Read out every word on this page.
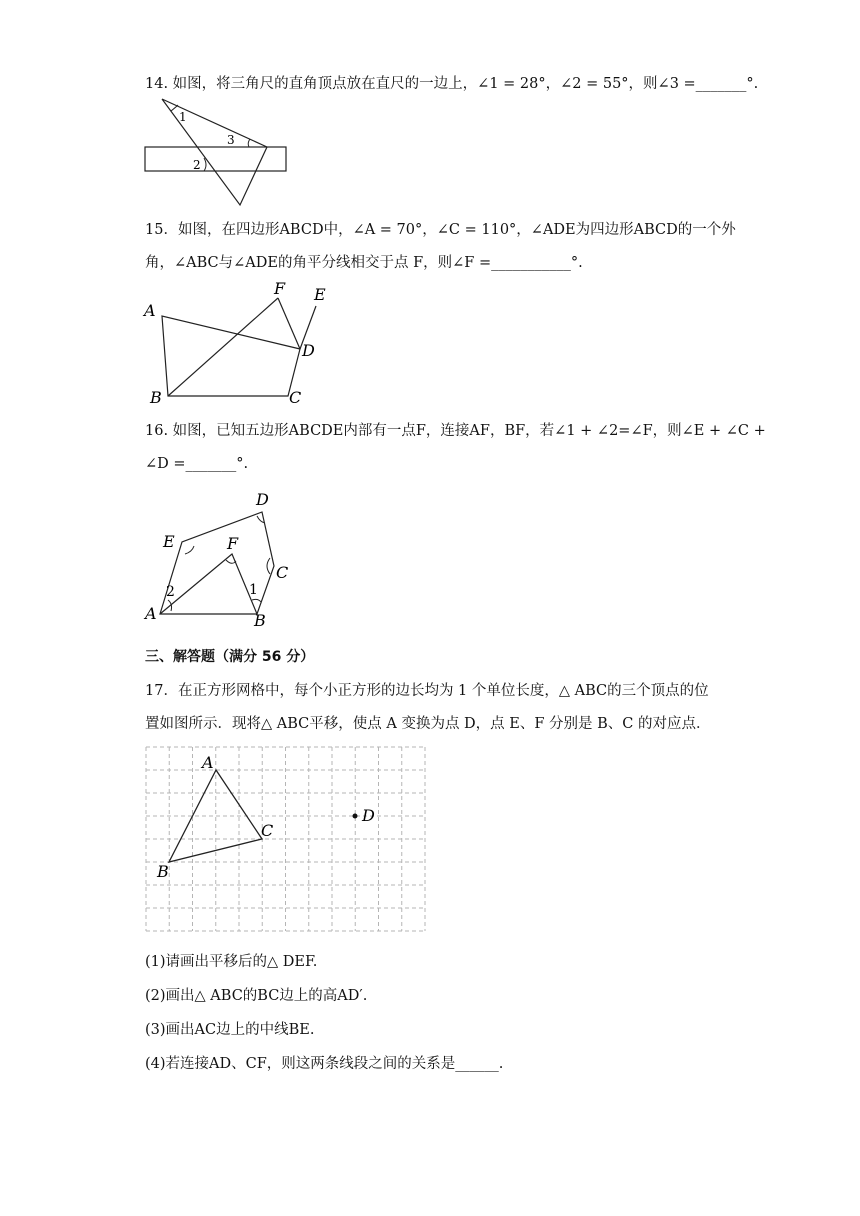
14. 如图，将三角尺的直角顶点放在直尺的一边上，∠1 = 28°，∠2 = 55°，则∠3 =_______°.
1
3
2
15．如图，在四边形ABCD中，∠A = 70°，∠C = 110°，∠ADE为四边形ABCD的一个外
角，∠ABC与∠ADE的角平分线相交于点 F，则∠F =___________°.
A
B	C
D
E
F
16. 如图，已知五边形ABCDE内部有一点F，连接AF，BF，若∠1 + ∠2=∠F，则∠E + ∠C +
∠D =_______°.
A	B
C
D
E	F
1
2
三、解答题（满分 56 分）
17．在正方形网格中，每个小正方形的边长均为 1 个单位长度，△ ABC的三个顶点的位
置如图所示．现将△ ABC平移，使点 A 变换为点 D，点 E、F 分别是 B、C 的对应点．
A
B
C
D
(1)请画出平移后的△ DEF.
(2)画出△ ABC的BC边上的高AD′.
(3)画出AC边上的中线BE.
(4)若连接AD、CF，则这两条线段之间的关系是______.
